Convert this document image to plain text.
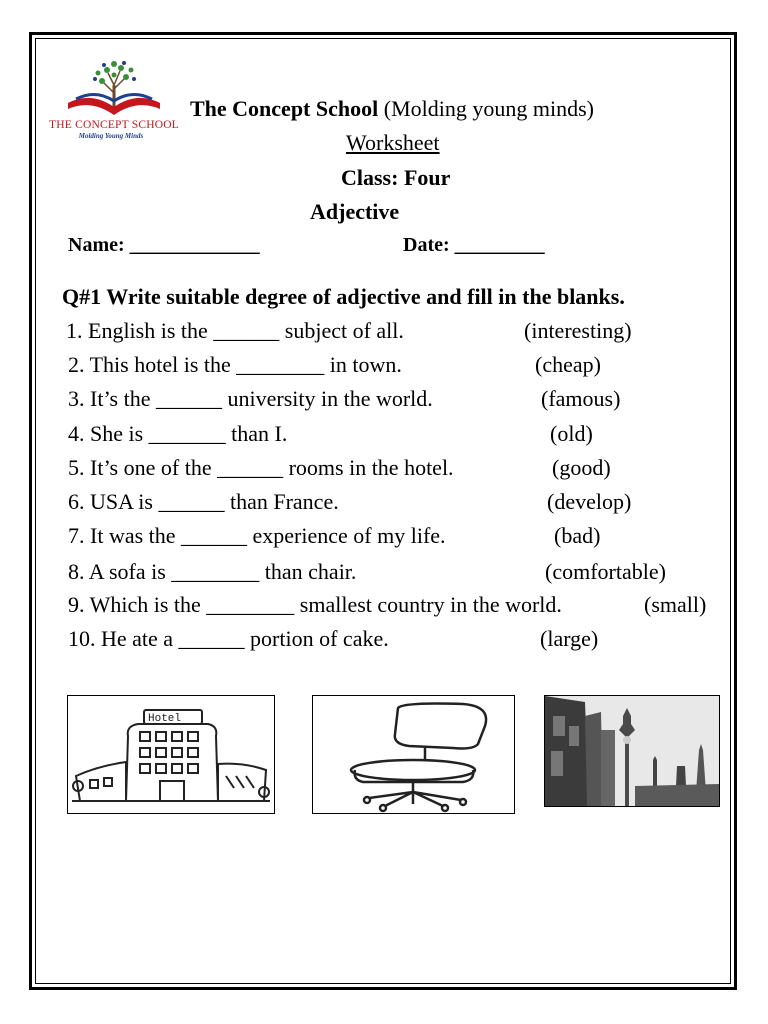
THE CONCEPT SCHOOL
Molding Young Minds
The Concept School (Molding young minds)
Worksheet
Class: Four
Adjective
Name: _____________	Date: _________
Q#1 Write suitable degree of adjective and fill in the blanks.
1. English is the ______ subject of all.	(interesting)
2. This hotel is the ________ in town.	(cheap)
3. It’s the ______ university in the world.	(famous)
4. She is _______ than I.	(old)
5. It’s one of the ______ rooms in the hotel.	(good)
6. USA is ______ than France.	(develop)
7. It was the ______ experience of my life.	(bad)
8. A sofa is ________ than chair.	(comfortable)
9. Which is the ________ smallest country in the world.	(small)
10. He ate a ______ portion of cake.	(large)
Hotel
